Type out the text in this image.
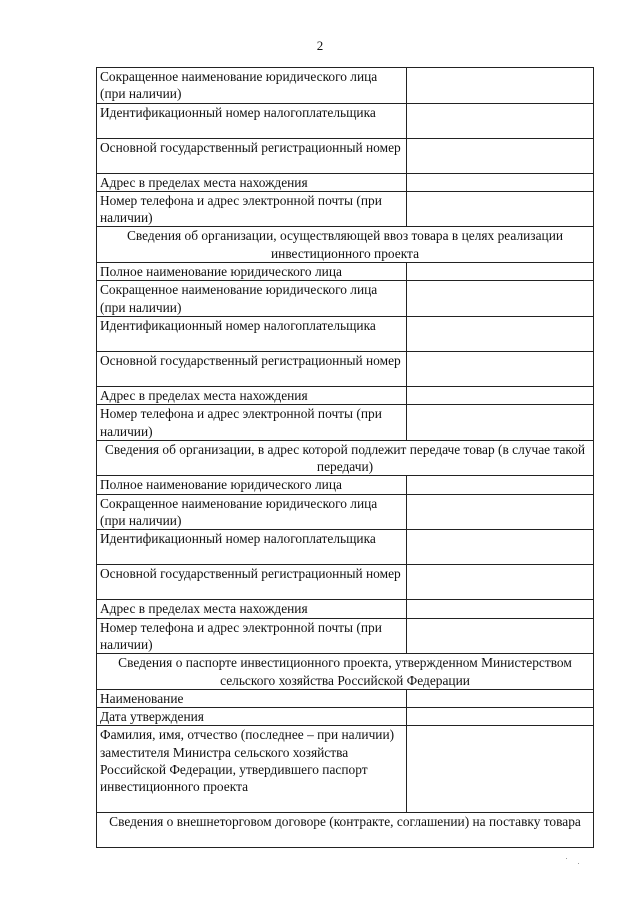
2
Сокращенное наименование юридического лица (при наличии)	
Идентификационный номер налогоплательщика	
Основной государственный регистрационный номер	
Адрес в пределах места нахождения	
Номер телефона и адрес электронной почты (при наличии)	
Сведения об организации, осуществляющей ввоз товара в целях реализации инвестиционного проекта	
Полное наименование юридического лица	
Сокращенное наименование юридического лица (при наличии)	
Идентификационный номер налогоплательщика	
Основной государственный регистрационный номер	
Адрес в пределах места нахождения	
Номер телефона и адрес электронной почты (при наличии)	
Сведения об организации, в адрес которой подлежит передаче товар (в случае такой передачи)	
Полное наименование юридического лица	
Сокращенное наименование юридического лица (при наличии)	
Идентификационный номер налогоплательщика	
Основной государственный регистрационный номер	
Адрес в пределах места нахождения	
Номер телефона и адрес электронной почты (при наличии)	
Сведения о паспорте инвестиционного проекта, утвержденном Министерством сельского хозяйства Российской Федерации	
Наименование	
Дата утверждения	
Фамилия, имя, отчество (последнее – при наличии) заместителя Министра сельского хозяйства Российской Федерации, утвердившего паспорт инвестиционного проекта	
Сведения о внешнеторговом договоре (контракте, соглашении) на поставку товара	
